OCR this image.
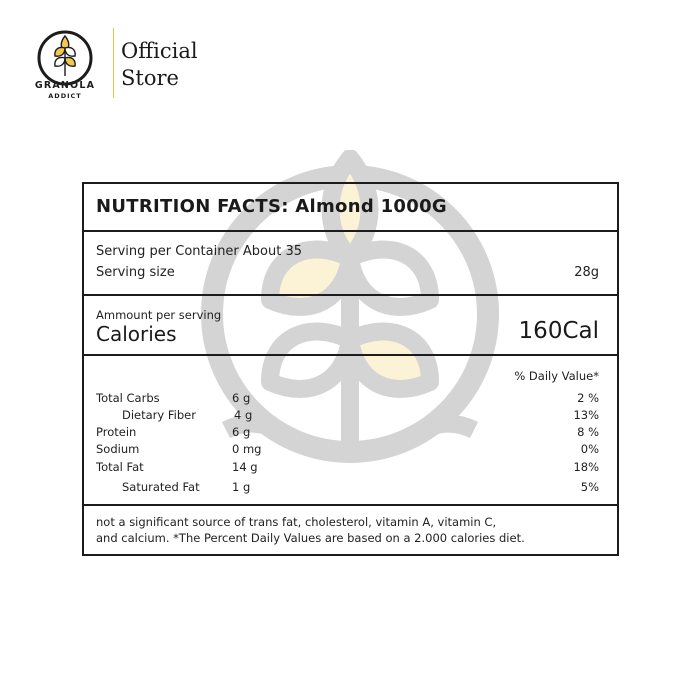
GRANOLA
ADDICT
Official
Store
NUTRITION FACTS: Almond 1000G
Serving per Container About 35
Serving size	28g
Ammount per serving
Calories	160Cal
% Daily Value*
Total Carbs	6 g	2 %
Dietary Fiber	4 g	13%
Protein	6 g	8 %
Sodium	0 mg	0%
Total Fat	14 g	18%
Saturated Fat	1 g	5%
not a significant source of trans fat, cholesterol, vitamin A, vitamin C,
and calcium. *The Percent Daily Values are based on a 2.000 calories diet.
